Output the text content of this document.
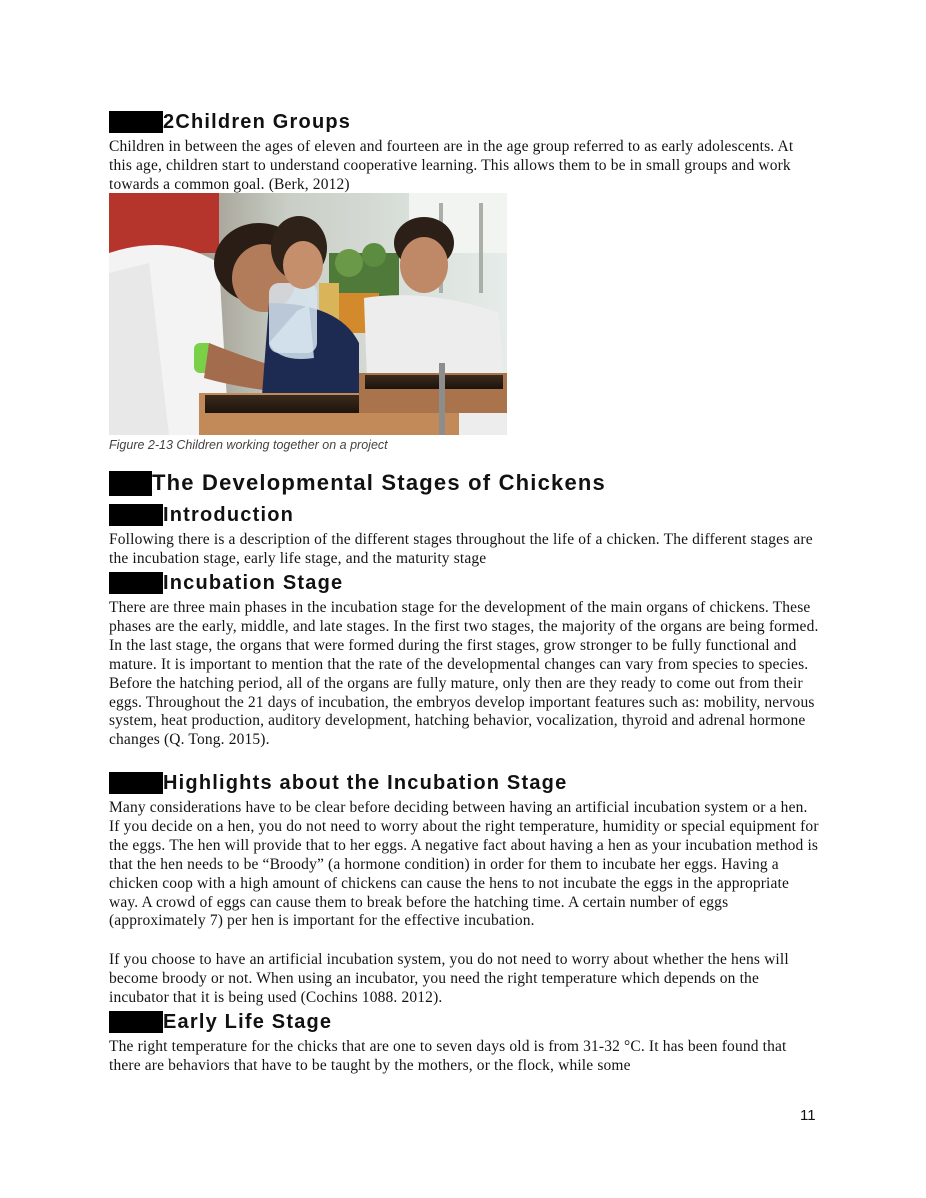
2Children Groups

Children in between the ages of eleven and fourteen are in the age group referred to as early adolescents. At this age, children start to understand cooperative learning. This allows them to be in small groups and work towards a common goal. (Berk, 2012)

Figure 2-13 Children working together on a project
The Developmental Stages of Chickens
Introduction

Following there is a description of the different stages throughout the life of a chicken. The different stages are the incubation stage, early life stage, and the maturity stage

Incubation Stage

There are three main phases in the incubation stage for the development of the main organs of chickens. These phases are the early, middle, and late stages. In the first two stages, the majority of the organs are being formed. In the last stage, the organs that were formed during the first stages, grow stronger to be fully functional and mature. It is important to mention that the rate of the developmental changes can vary from species to species. Before the hatching period, all of the organs are fully mature, only then are they ready to come out from their eggs. Throughout the 21 days of incubation, the embryos develop important features such as: mobility, nervous system, heat production, auditory development, hatching behavior, vocalization, thyroid and adrenal hormone changes (Q. Tong. 2015).

Highlights about the Incubation Stage

Many considerations have to be clear before deciding between having an artificial incubation system or a hen. If you decide on a hen, you do not need to worry about the right temperature, humidity or special equipment for the eggs. The hen will provide that to her eggs. A negative fact about having a hen as your incubation method is that the hen needs to be “Broody” (a hormone condition) in order for them to incubate her eggs. Having a chicken coop with a high amount of chickens can cause the hens to not incubate the eggs in the appropriate way. A crowd of eggs can cause them to break before the hatching time. A certain number of eggs (approximately 7) per hen is important for the effective incubation.

If you choose to have an artificial incubation system, you do not need to worry about whether the hens will become broody or not. When using an incubator, you need the right temperature which depends on the incubator that it is being used (Cochins 1088. 2012).

Early Life Stage

The right temperature for the chicks that are one to seven days old is from 31-32 °C. It has been found that there are behaviors that have to be taught by the mothers, or the flock, while some

11
